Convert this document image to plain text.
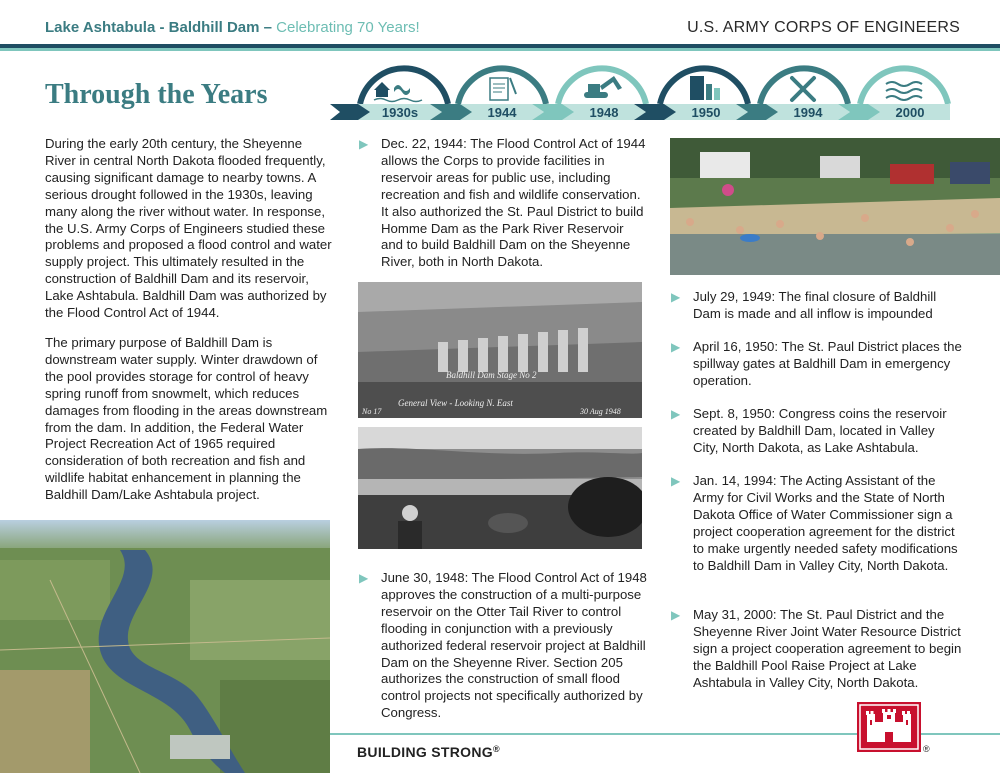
Lake Ashtabula - Baldhill Dam – Celebrating 70 Years!	U.S. ARMY CORPS OF ENGINEERS
Through the Years
1930s	1944	1948	1950	1994	2000

During the early 20th century, the Sheyenne River in central North Dakota flooded frequently, causing significant damage to nearby towns. A serious drought followed in the 1930s, leaving many along the river without water. In response, the U.S. Army Corps of Engineers studied these problems and proposed a flood control and water supply project. This ultimately resulted in the construction of Baldhill Dam and its reservoir, Lake Ashtabula. Baldhill Dam was authorized by the Flood Control Act of 1944.

The primary purpose of Baldhill Dam is downstream water supply. Winter drawdown of the pool provides storage for control of heavy spring runoff from snowmelt, which reduces damages from flooding in the areas downstream from the dam. In addition, the Federal Water Project Recreation Act of 1965 required consideration of both recreation and fish and wildlife habitat enhancement in planning the Baldhill Dam/Lake Ashtabula project.

▶ Dec. 22, 1944: The Flood Control Act of 1944 allows the Corps to provide facilities in reservoir areas for public use, including recreation and fish and wildlife conservation. It also authorized the St. Paul District to build Homme Dam as the Park River Reservoir and to build Baldhill Dam on the Sheyenne River, both in North Dakota.
Baldhill Dam Stage No 2
General View - Looking N. East
30 Aug 1948
No 17
▶ June 30, 1948: The Flood Control Act of 1948 approves the construction of a multi-purpose reservoir on the Otter Tail River to control flooding in conjunction with a previously authorized federal reservoir project at Baldhill Dam on the Sheyenne River. Section 205 authorizes the construction of small flood control projects not specifically authorized by Congress.
▶ July 29, 1949: The final closure of Baldhill Dam is made and all inflow is impounded
▶ April 16, 1950: The St. Paul District places the spillway gates at Baldhill Dam in emergency operation.
▶ Sept. 8, 1950: Congress coins the reservoir created by Baldhill Dam, located in Valley City, North Dakota, as Lake Ashtabula.
▶ Jan. 14, 1994: The Acting Assistant of the Army for Civil Works and the State of North Dakota Office of Water Commissioner sign a project cooperation agreement for the district to make urgently needed safety modifications to Baldhill Dam in Valley City, North Dakota.
▶ May 31, 2000: The St. Paul District and the Sheyenne River Joint Water Resource District sign a project cooperation agreement to begin the Baldhill Pool Raise Project at Lake Ashtabula in Valley City, North Dakota.
BUILDING STRONG®	®
